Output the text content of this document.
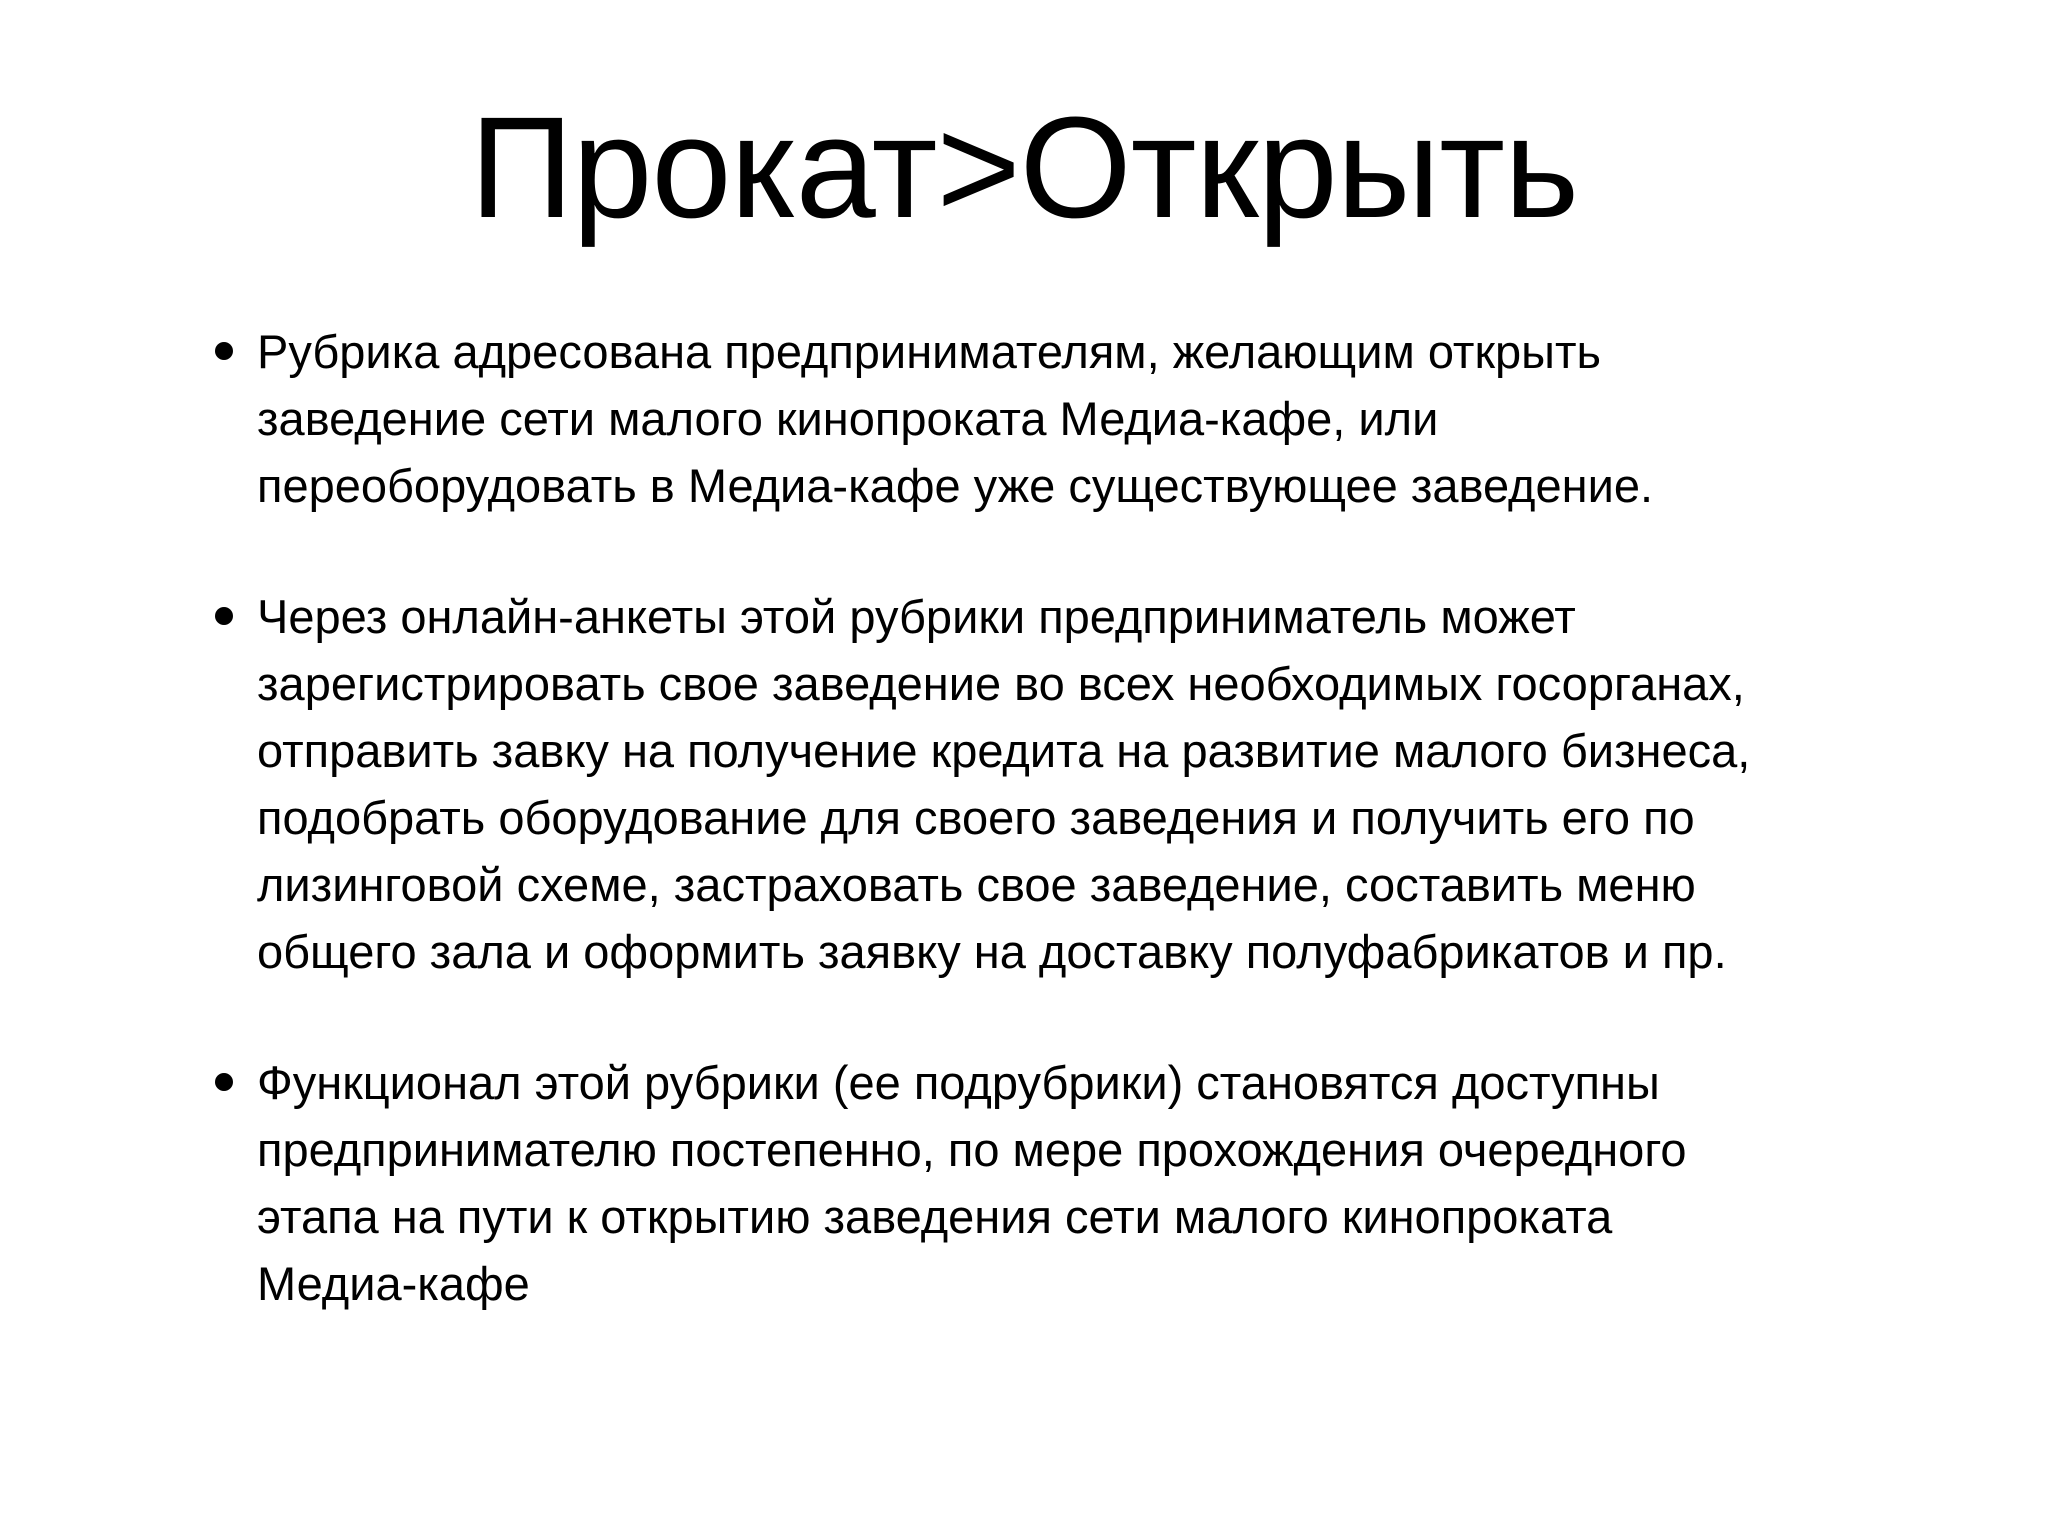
Прокат>Открыть
Рубрика адресована предпринимателям, желающим открыть
заведение сети малого кинопроката Медиа-кафе, или
переоборудовать в Медиа-кафе уже существующее заведение.
Через онлайн-анкеты этой рубрики предприниматель может
зарегистрировать свое заведение во всех необходимых госорганах,
отправить завку на получение кредита на развитие малого бизнеса,
подобрать оборудование для своего заведения и получить его по
лизинговой схеме, застраховать свое заведение, составить меню
общего зала и оформить заявку на доставку полуфабрикатов и пр.
Функционал этой рубрики (ее подрубрики) становятся доступны
предпринимателю постепенно, по мере прохождения очередного
этапа на пути к открытию заведения сети малого кинопроката
Медиа-кафе
